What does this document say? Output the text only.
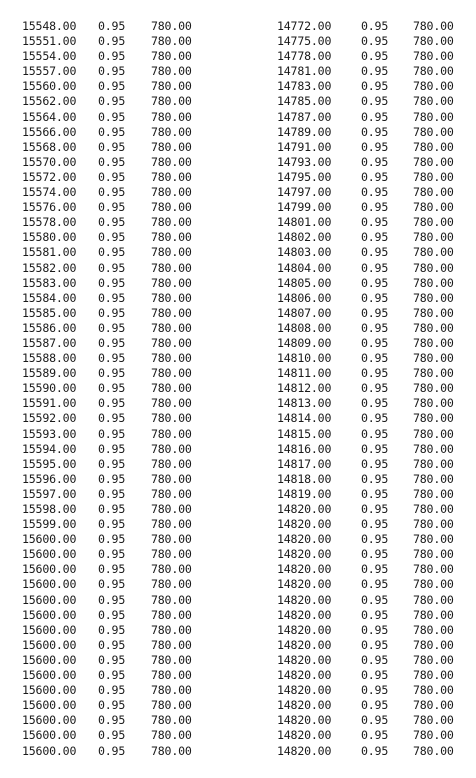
15548.00 0.95 780.00
15551.00 0.95 780.00
15554.00 0.95 780.00
15557.00 0.95 780.00
15560.00 0.95 780.00
15562.00 0.95 780.00
15564.00 0.95 780.00
15566.00 0.95 780.00
15568.00 0.95 780.00
15570.00 0.95 780.00
15572.00 0.95 780.00
15574.00 0.95 780.00
15576.00 0.95 780.00
15578.00 0.95 780.00
15580.00 0.95 780.00
15581.00 0.95 780.00
15582.00 0.95 780.00
15583.00 0.95 780.00
15584.00 0.95 780.00
15585.00 0.95 780.00
15586.00 0.95 780.00
15587.00 0.95 780.00
15588.00 0.95 780.00
15589.00 0.95 780.00
15590.00 0.95 780.00
15591.00 0.95 780.00
15592.00 0.95 780.00
15593.00 0.95 780.00
15594.00 0.95 780.00
15595.00 0.95 780.00
15596.00 0.95 780.00
15597.00 0.95 780.00
15598.00 0.95 780.00
15599.00 0.95 780.00
15600.00 0.95 780.00
15600.00 0.95 780.00
15600.00 0.95 780.00
15600.00 0.95 780.00
15600.00 0.95 780.00
15600.00 0.95 780.00
15600.00 0.95 780.00
15600.00 0.95 780.00
15600.00 0.95 780.00
15600.00 0.95 780.00
15600.00 0.95 780.00
15600.00 0.95 780.00
15600.00 0.95 780.00
15600.00 0.95 780.00
15600.00 0.95 780.00
14772.00	0.95 780.00
14775.00	0.95 780.00
14778.00	0.95 780.00
14781.00	0.95 780.00
14783.00	0.95 780.00
14785.00	0.95 780.00
14787.00	0.95 780.00
14789.00	0.95 780.00
14791.00	0.95 780.00
14793.00	0.95 780.00
14795.00	0.95 780.00
14797.00	0.95 780.00
14799.00	0.95 780.00
14801.00	0.95 780.00
14802.00	0.95 780.00
14803.00	0.95 780.00
14804.00	0.95 780.00
14805.00	0.95 780.00
14806.00	0.95 780.00
14807.00	0.95 780.00
14808.00	0.95 780.00
14809.00	0.95 780.00
14810.00	0.95 780.00
14811.00	0.95 780.00
14812.00	0.95 780.00
14813.00	0.95 780.00
14814.00	0.95 780.00
14815.00	0.95 780.00
14816.00	0.95 780.00
14817.00	0.95 780.00
14818.00	0.95 780.00
14819.00	0.95 780.00
14820.00	0.95 780.00
14820.00	0.95 780.00
14820.00	0.95 780.00
14820.00	0.95 780.00
14820.00	0.95 780.00
14820.00	0.95 780.00
14820.00	0.95 780.00
14820.00	0.95 780.00
14820.00	0.95 780.00
14820.00	0.95 780.00
14820.00	0.95 780.00
14820.00	0.95 780.00
14820.00	0.95 780.00
14820.00	0.95 780.00
14820.00	0.95 780.00
14820.00	0.95 780.00
14820.00	0.95 780.00
